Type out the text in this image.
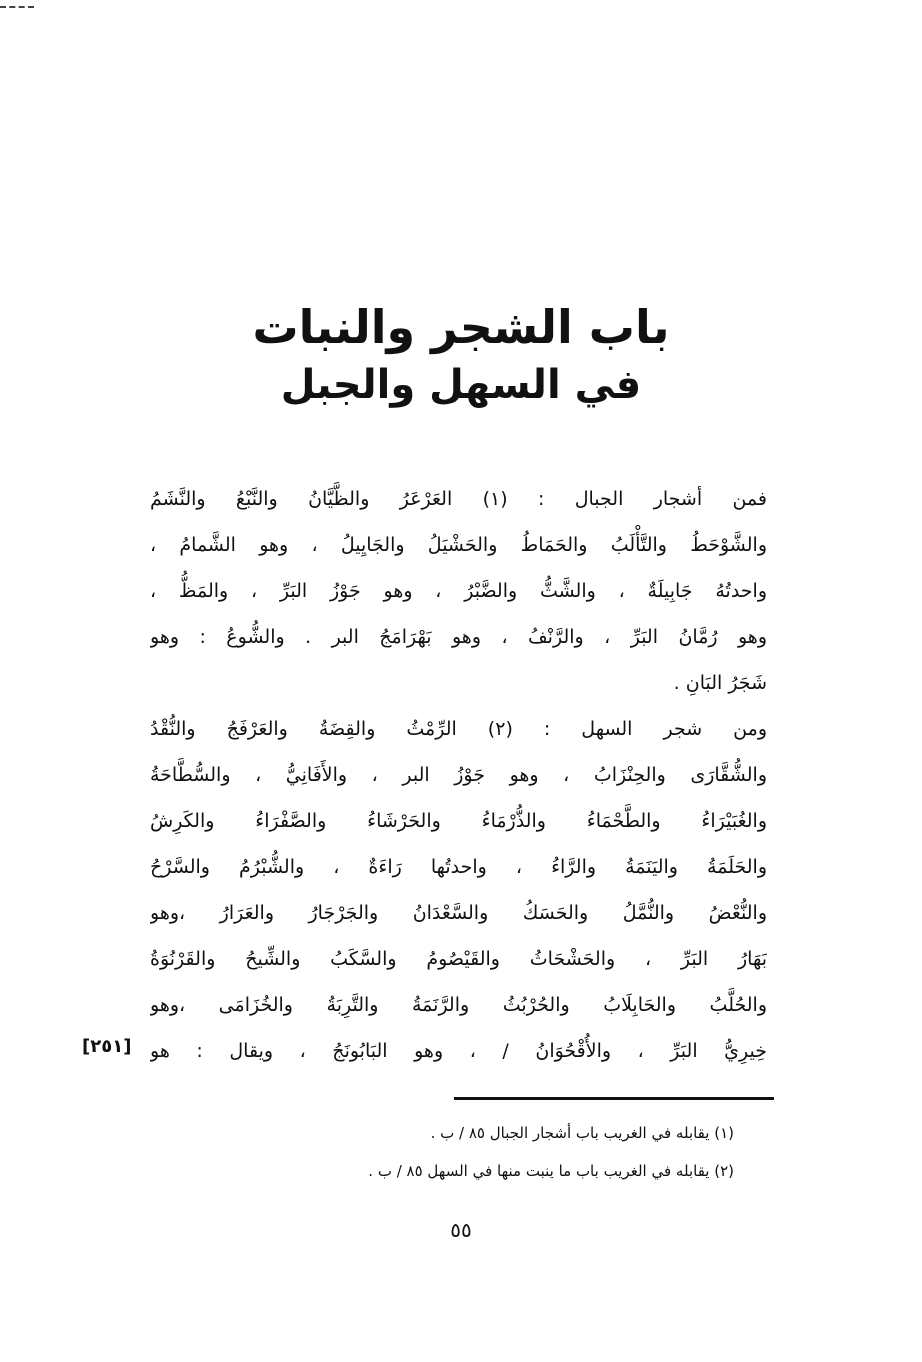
باب الشجر والنبات
في السهل والجبل
فمن أشجار الجبال : (١) العَرْعَرُ والظَّيَّانُ والنَّبْعُ والنَّشَمُ
والشَّوْحَطُ والتَّأْلَبُ والحَمَاطُ والحَشْيَلُ والجَايِيلُ ، وهو الشَّمامُ ،
واحدتُهُ جَابِيلَةٌ ، والشَّثُّ والضَّبْرُ ، وهو جَوْزُ البَرِّ ، والمَظُّ ،
وهو رُمَّانُ البَرِّ ، والرَّنْفُ ، وهو بَهْرَامَجُ البر . والشُّوعُ : وهو
شَجَرُ البَانِ .
ومن شجر السهل : (٢) الرِّمْثُ والقِضَةُ والعَرْفَجُ والنُّقْدُ
والشُّقَّارَى والحِنْزَابُ ، وهو جَوْزُ البر ، والأَفَانِيُّ ، والسُّطَّاحَةُ
والغُبَيْرَاءُ والطَّحْمَاءُ والذُّرْمَاءُ والحَرْشَاءُ والصَّفْرَاءُ والكَرِشُ
والحَلَمَةُ واليَنَمَةُ والرَّاءُ ، واحدتُها رَاءَةٌ ، والشُّبْرُمُ والسَّرْحُ
والنُّعْضُ والنُّمَّلُ والحَسَكُ والسَّعْدَانُ والجَرْجَارُ والعَرَارُ ،وهو
بَهَارُ البَرِّ ، والحَشْحَاثُ والقَيْصُومُ والسَّكَبُ والشِّيحُ والقَرْنُوَةُ
والحُلَّبُ والحَابِلَابُ والحُرْبُثُ والرَّنَمَةُ والتَّرِبَةُ والخُزَامَى ،وهو
خِيرِيُّ البَرِّ ، والأُقْحُوَانُ / ، وهو البَابُونَجُ ، ويقال : هو
[٢٥١]
(١) يقابله في الغريب باب أشجار الجبال ٨٥ / ب .
(٢) يقابله في الغريب باب ما ينبت منها في السهل ٨٥ / ب .
٥٥
